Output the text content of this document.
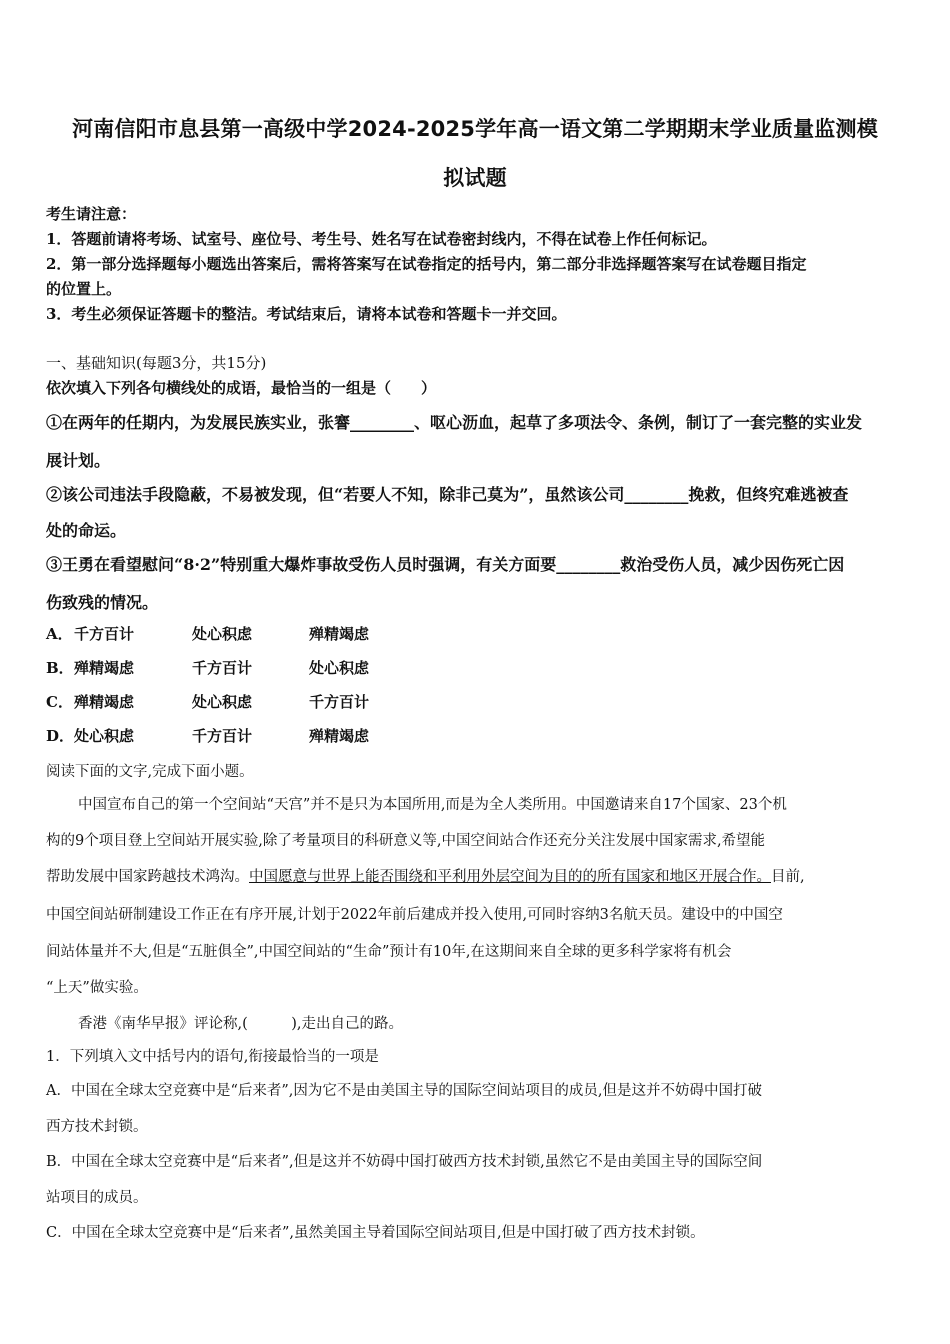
河南信阳市息县第一高级中学2024-2025学年高一语文第二学期期末学业质量监测模
拟试题
考生请注意：
1．答题前请将考场、试室号、座位号、考生号、姓名写在试卷密封线内，不得在试卷上作任何标记。
2．第一部分选择题每小题选出答案后，需将答案写在试卷指定的括号内，第二部分非选择题答案写在试卷题目指定
的位置上。
3．考生必须保证答题卡的整洁。考试结束后，请将本试卷和答题卡一并交回。
一、基础知识(每题3分，共15分)
依次填入下列各句横线处的成语，最恰当的一组是（　　）
①在两年的任期内，为发展民族实业，张謇________、呕心沥血，起草了多项法令、条例，制订了一套完整的实业发
展计划。
②该公司违法手段隐蔽，不易被发现，但“若要人不知，除非己莫为”，虽然该公司________挽救，但终究难逃被查
处的命运。
③王勇在看望慰问“8·2”特别重大爆炸事故受伤人员时强调，有关方面要________救治受伤人员，减少因伤死亡因
伤致残的情况。
A． 千方百计	处心积虑	殚精竭虑
B． 殚精竭虑	千方百计	处心积虑
C． 殚精竭虑	处心积虑	千方百计
D． 处心积虑	千方百计	殚精竭虑
阅读下面的文字,完成下面小题。
中国宣布自己的第一个空间站“天宫”并不是只为本国所用,而是为全人类所用。中国邀请来自17个国家、23个机
构的9个项目登上空间站开展实验,除了考量项目的科研意义等,中国空间站合作还充分关注发展中国家需求,希望能
帮助发展中国家跨越技术鸿沟。中国愿意与世界上能否围绕和平利用外层空间为目的的所有国家和地区开展合作。目前,
中国空间站研制建设工作正在有序开展,计划于2022年前后建成并投入使用,可同时容纳3名航天员。建设中的中国空
间站体量并不大,但是“五脏俱全”,中国空间站的“生命”预计有10年,在这期间来自全球的更多科学家将有机会
“上天”做实验。
香港《南华早报》评论称,(　　　),走出自己的路。
1．下列填入文中括号内的语句,衔接最恰当的一项是
A．中国在全球太空竞赛中是“后来者”,因为它不是由美国主导的国际空间站项目的成员,但是这并不妨碍中国打破
西方技术封锁。
B．中国在全球太空竞赛中是“后来者”,但是这并不妨碍中国打破西方技术封锁,虽然它不是由美国主导的国际空间
站项目的成员。
C．中国在全球太空竞赛中是“后来者”,虽然美国主导着国际空间站项目,但是中国打破了西方技术封锁。
